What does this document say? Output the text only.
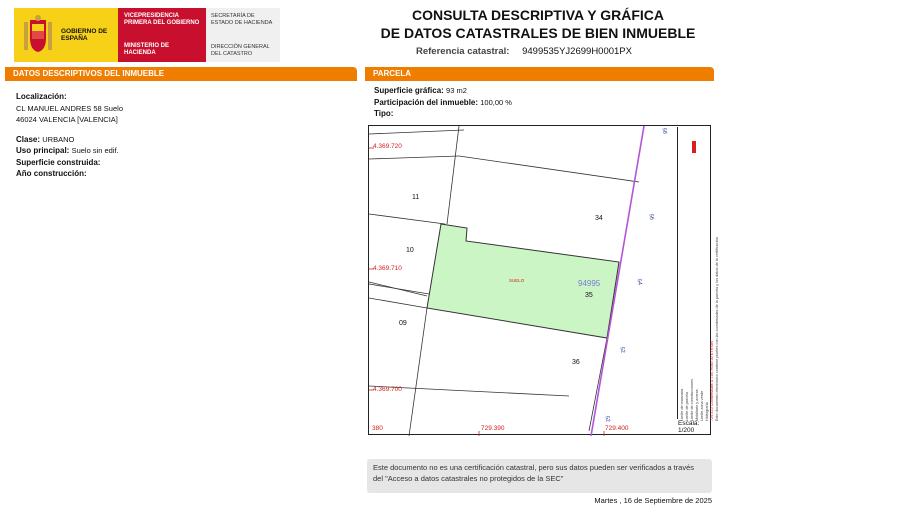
GOBIERNO DE ESPAÑA
VICEPRESIDENCIA PRIMERA DEL GOBIERNO
MINISTERIO DE HACIENDA
SECRETARÍA DE ESTADO DE HACIENDA
DIRECCIÓN GENERAL DEL CATASTRO
CONSULTA DESCRIPTIVA Y GRÁFICA
DE DATOS CATASTRALES DE BIEN INMUEBLE
Referencia catastral: 9499535YJ2699H0001PX
DATOS DESCRIPTIVOS DEL INMUEBLE	PARCELA
Localización:
CL MANUEL ANDRES 58 Suelo
46024 VALENCIA [VALENCIA]
Clase: URBANO
Uso principal: Suelo sin edif.
Superficie construida:
Año construcción:
Superficie gráfica: 93 m2
Participación del inmueble: 100,00 %
Tipo:
4.369.720
4.369.710
4.369.700
380	729.390	729.400
11
10
09
34
35
36
94995
SUELO
58
56
54
52
52	Límite de manzana Límite de parcela Límite de construcciones Mobiliario y aceras Límite zona verde Hidrografía 729.410 Coordenadas U.T.M. Huso 30 ETRS89 Este documento electrónico contiene píxeles con las coordenadas de la parcela y los datos de la certificación
Escala:
1/200
Este documento no es una certificación catastral, pero sus datos pueden ser verificados a través del "Acceso a datos catastrales no protegidos de la SEC"
Martes , 16 de Septiembre de 2025
